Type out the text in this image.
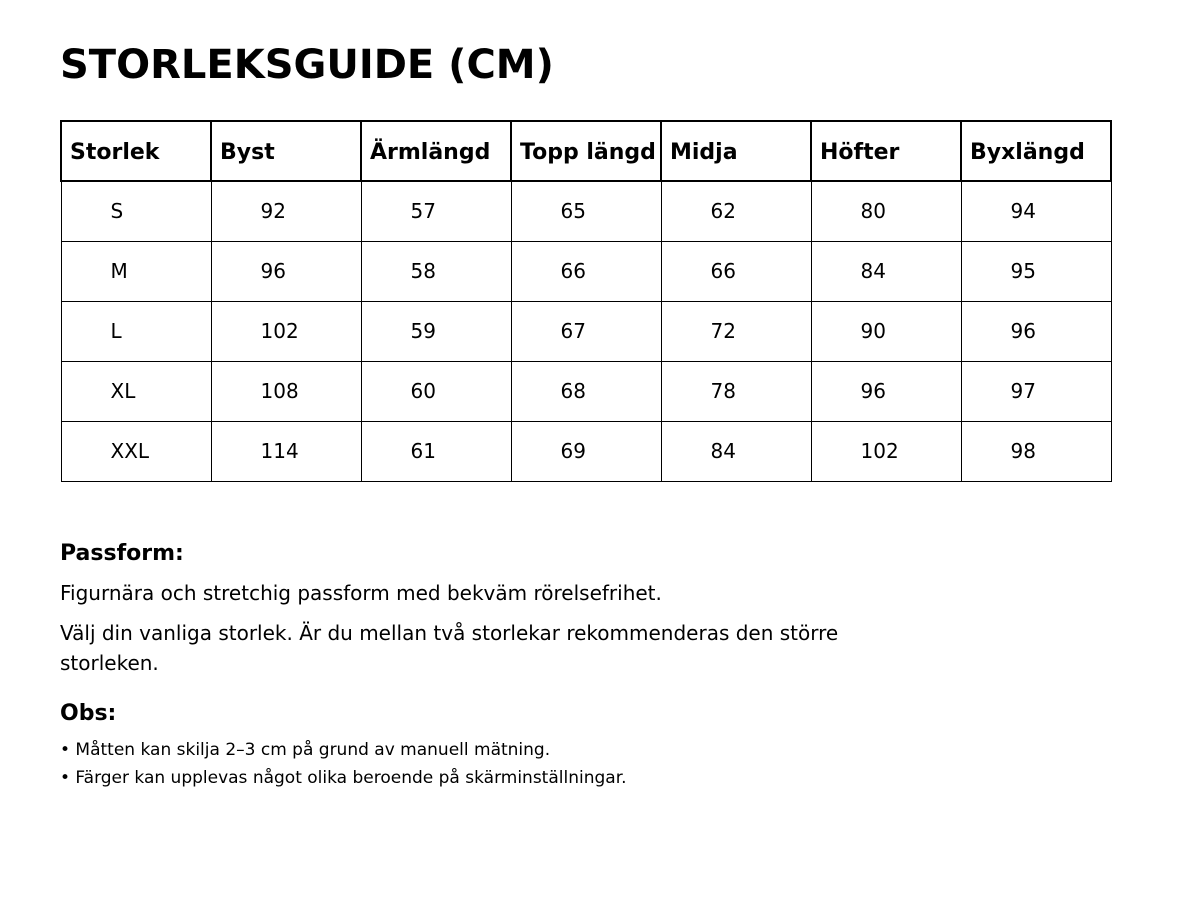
STORLEKSGUIDE (CM)
Storlek	Byst	Ärmlängd	Topp längd	Midja	Höfter	Byxlängd
S	92	57	65	62	80	94
M	96	58	66	66	84	95
L	102	59	67	72	90	96
XL	108	60	68	78	96	97
XXL	114	61	69	84	102	98
Passform:

Figurnära och stretchig passform med bekväm rörelsefrihet.

Välj din vanliga storlek. Är du mellan två storlekar rekommenderas den större storleken.

Obs:

• Måtten kan skilja 2–3 cm på grund av manuell mätning.

• Färger kan upplevas något olika beroende på skärminställningar.
